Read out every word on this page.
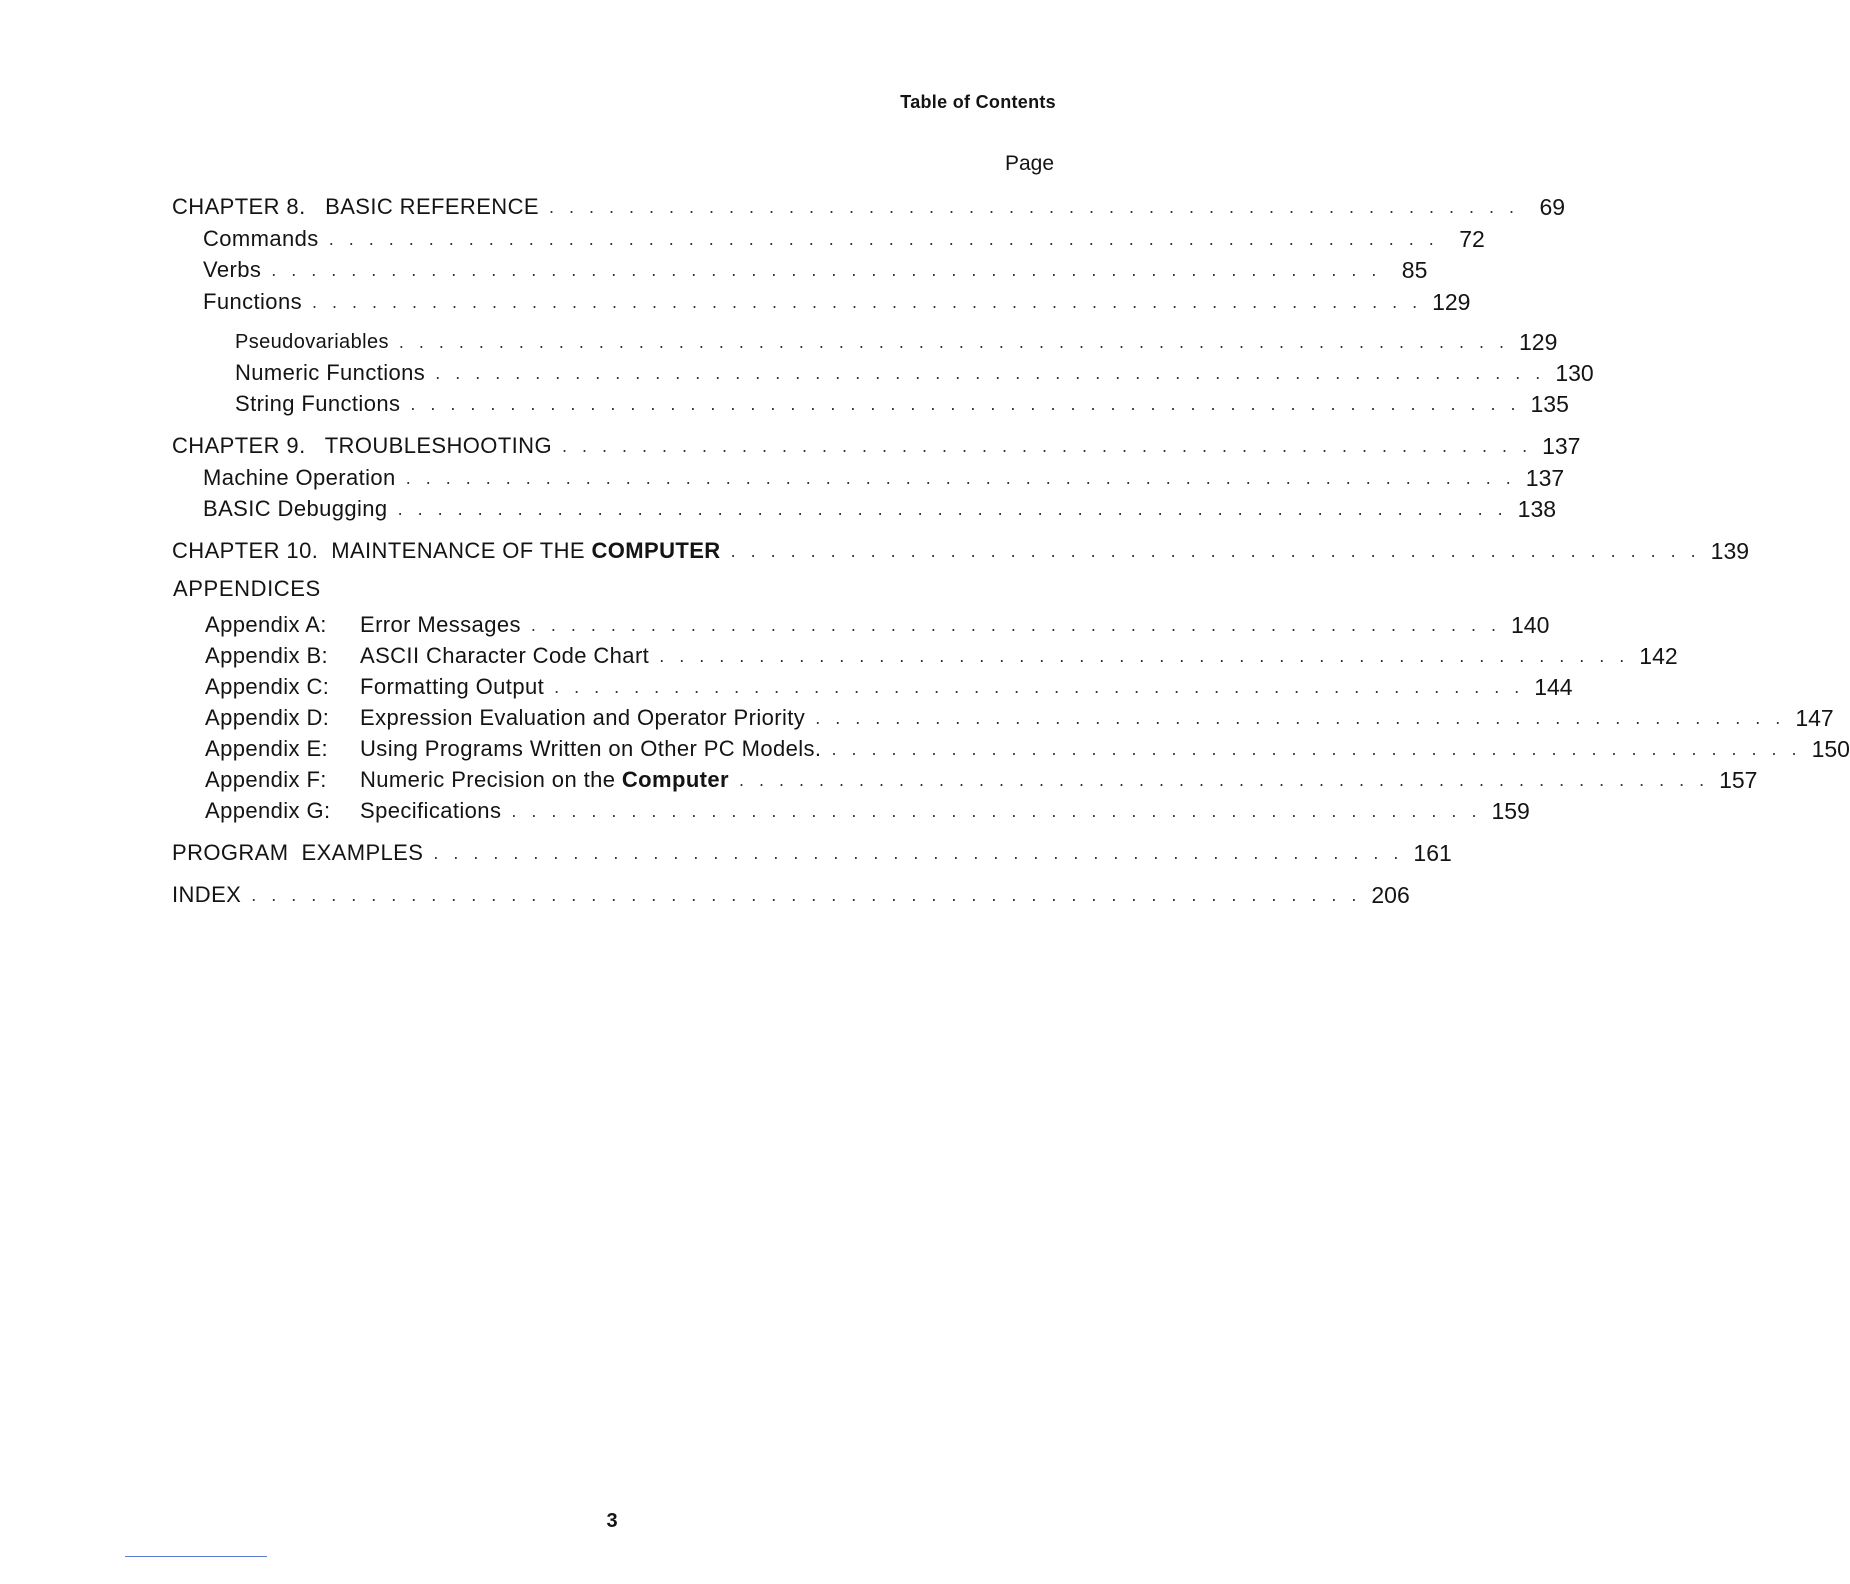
Table of Contents
Page
CHAPTER 8.   BASIC REFERENCE . . . . . . . . . . . . . . . . . . . . . . . . . . . . . . . . . . . . . . . . . . . . . . . . . 69
Commands . . . . . . . . . . . . . . . . . . . . . . . . . . . . . . . . . . . . . . . . . . . . . . . . . . . . . . . . 72
Verbs . . . . . . . . . . . . . . . . . . . . . . . . . . . . . . . . . . . . . . . . . . . . . . . . . . . . . . . . 85
Functions . . . . . . . . . . . . . . . . . . . . . . . . . . . . . . . . . . . . . . . . . . . . . . . . . . . . . . . . 129
Pseudovariables . . . . . . . . . . . . . . . . . . . . . . . . . . . . . . . . . . . . . . . . . . . . . . . . . . . . . . . . 129
Numeric Functions . . . . . . . . . . . . . . . . . . . . . . . . . . . . . . . . . . . . . . . . . . . . . . . . . . . . . . . . 130
String Functions . . . . . . . . . . . . . . . . . . . . . . . . . . . . . . . . . . . . . . . . . . . . . . . . . . . . . . . . 135
CHAPTER 9.   TROUBLESHOOTING . . . . . . . . . . . . . . . . . . . . . . . . . . . . . . . . . . . . . . . . . . . . . . . . . 137
Machine Operation . . . . . . . . . . . . . . . . . . . . . . . . . . . . . . . . . . . . . . . . . . . . . . . . . . . . . . . . 137
BASIC Debugging . . . . . . . . . . . . . . . . . . . . . . . . . . . . . . . . . . . . . . . . . . . . . . . . . . . . . . . . 138
CHAPTER 10.  MAINTENANCE OF THE COMPUTER . . . . . . . . . . . . . . . . . . . . . . . . . . . . . . . . . . . . . . . . . . . . . . . . . 139
APPENDICES
Appendix A: Error Messages . . . . . . . . . . . . . . . . . . . . . . . . . . . . . . . . . . . . . . . . . . . . . . . . . 140
Appendix B: ASCII Character Code Chart . . . . . . . . . . . . . . . . . . . . . . . . . . . . . . . . . . . . . . . . . . . . . . . . . 142
Appendix C: Formatting Output . . . . . . . . . . . . . . . . . . . . . . . . . . . . . . . . . . . . . . . . . . . . . . . . . 144
Appendix D: Expression Evaluation and Operator Priority . . . . . . . . . . . . . . . . . . . . . . . . . . . . . . . . . . . . . . . . . . . . . . . . . 147
Appendix E: Using Programs Written on Other PC Models. . . . . . . . . . . . . . . . . . . . . . . . . . . . . . . . . . . . . . . . . . . . . . . . . . 150
Appendix F: Numeric Precision on the Computer . . . . . . . . . . . . . . . . . . . . . . . . . . . . . . . . . . . . . . . . . . . . . . . . . 157
Appendix G: Specifications . . . . . . . . . . . . . . . . . . . . . . . . . . . . . . . . . . . . . . . . . . . . . . . . . 159
PROGRAM  EXAMPLES . . . . . . . . . . . . . . . . . . . . . . . . . . . . . . . . . . . . . . . . . . . . . . . . . 161
INDEX . . . . . . . . . . . . . . . . . . . . . . . . . . . . . . . . . . . . . . . . . . . . . . . . . . . . . . . . 206
3
